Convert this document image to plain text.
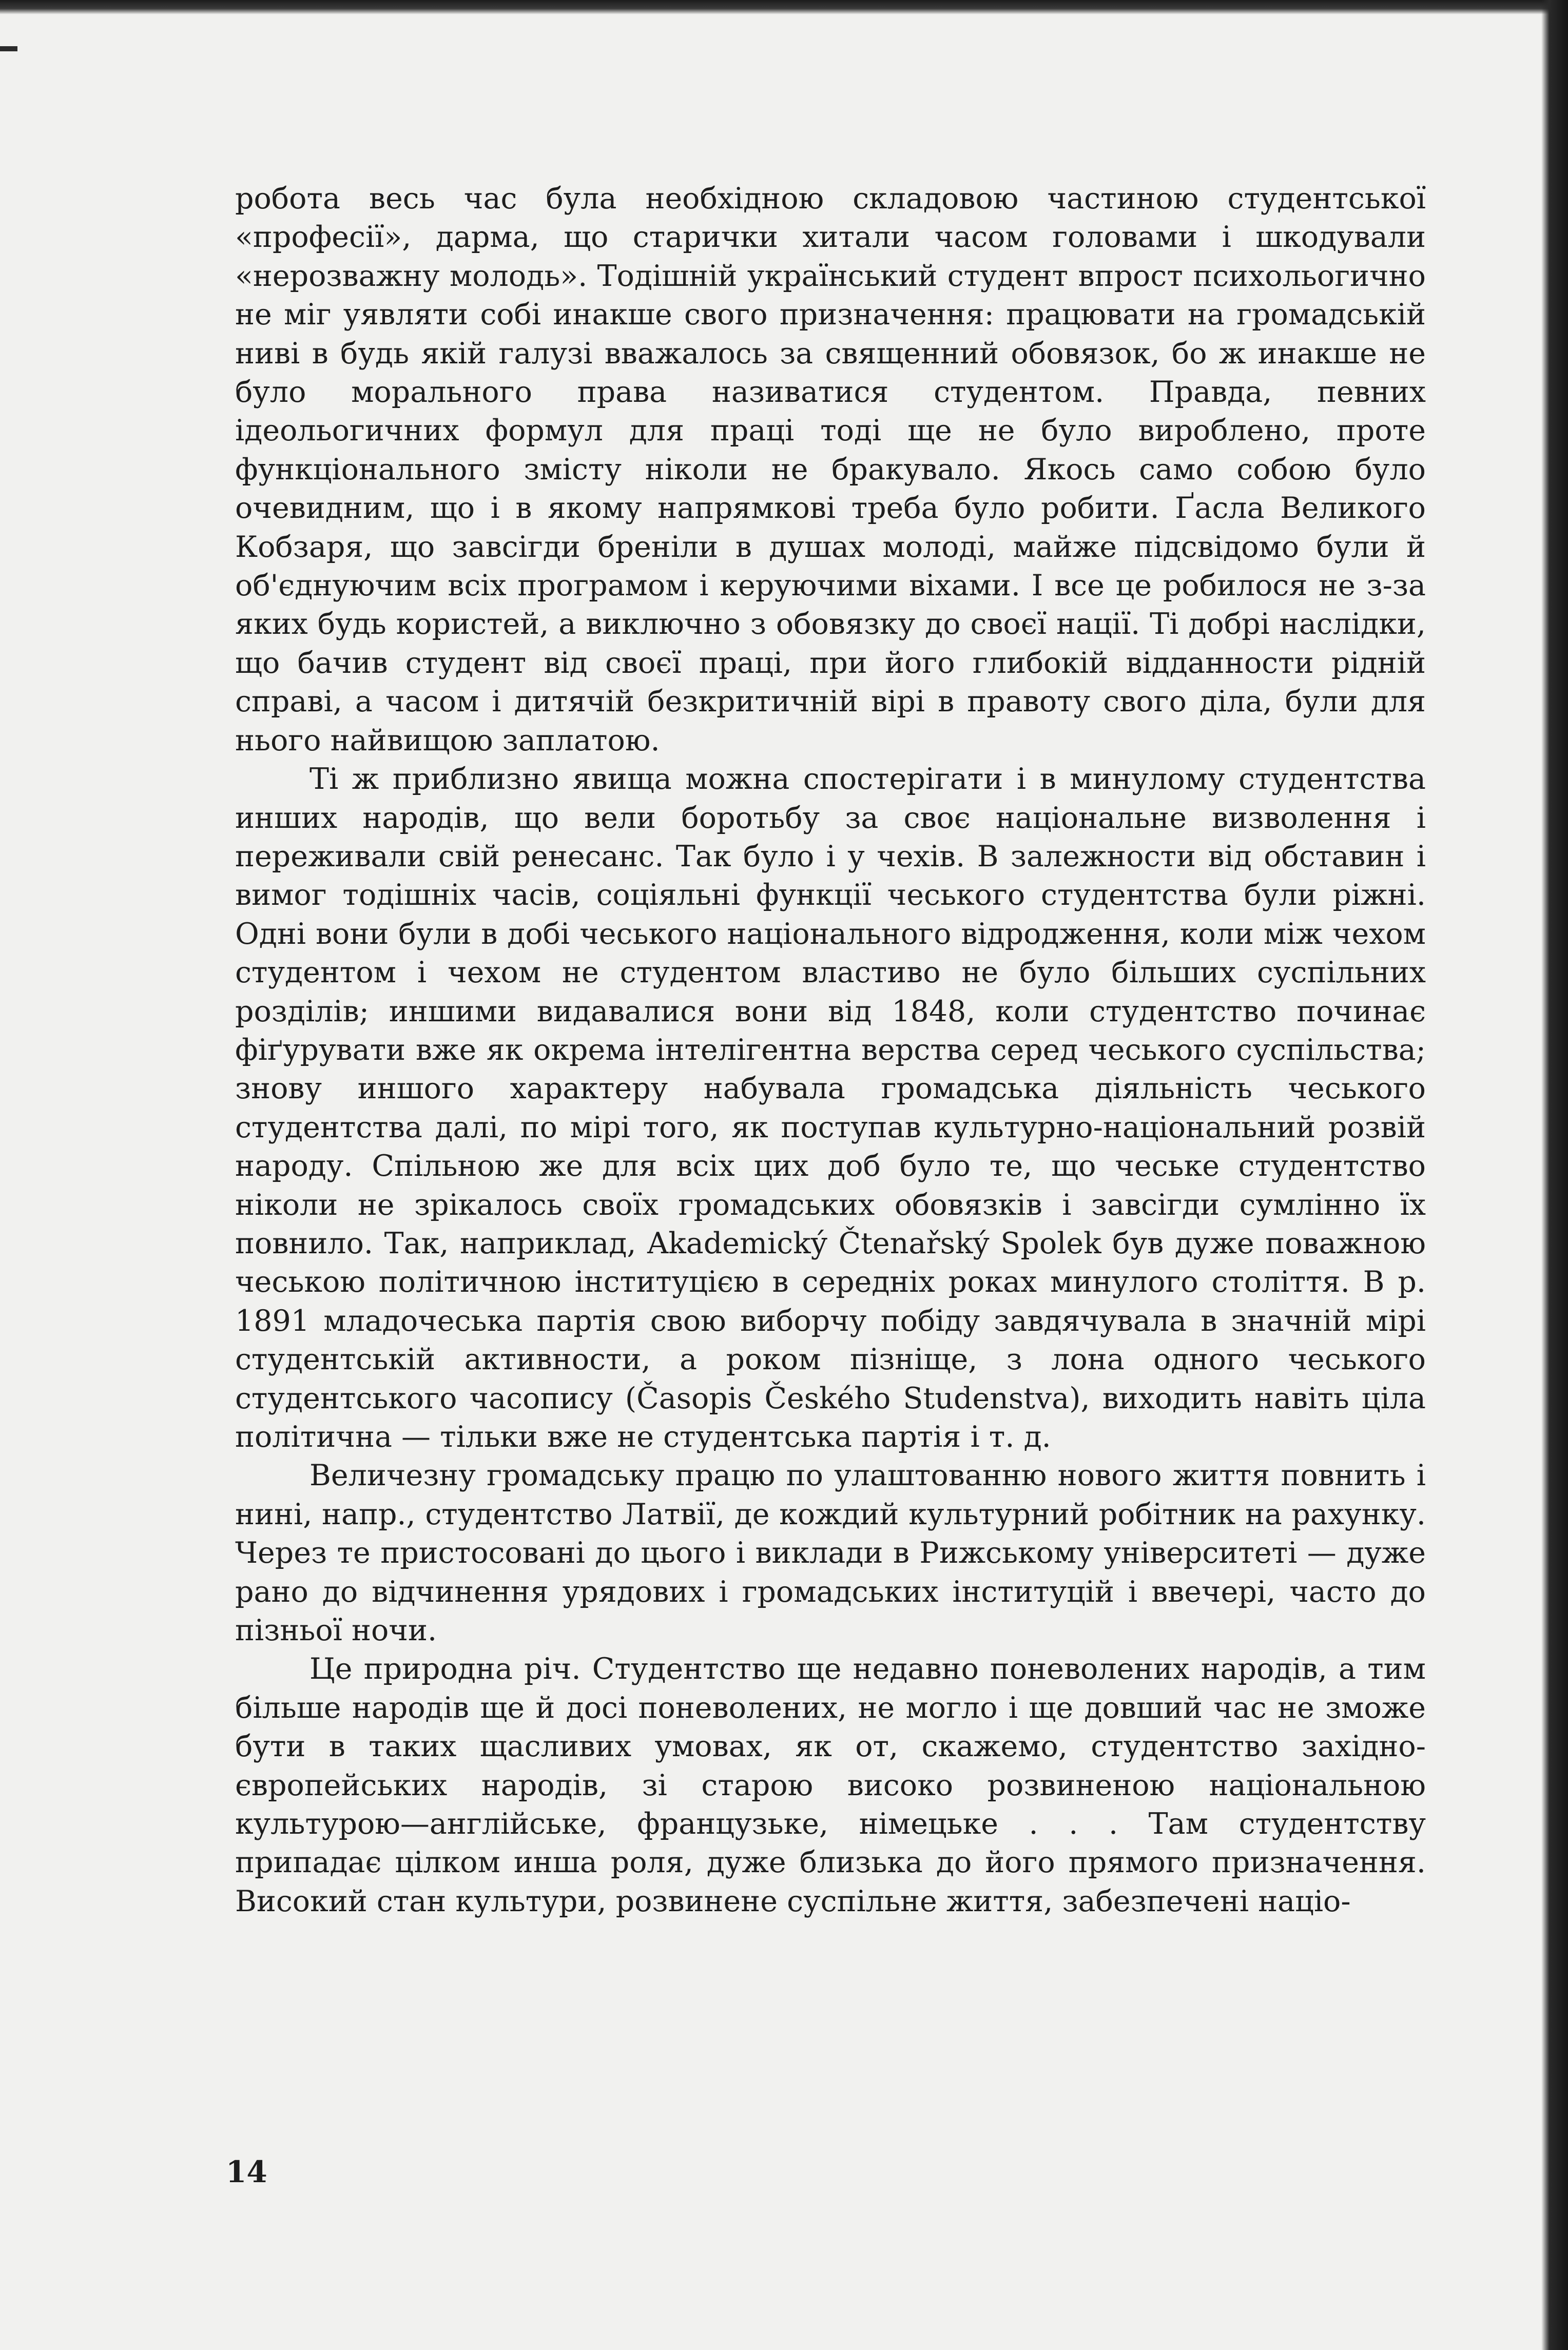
робота весь час була необхідною складовою частиною студентської «професії», дарма, що старички хитали часом головами і шкодували «нерозважну молодь». Тодішній український студент впрост психольогично не міг уявляти собі инакше свого призначення: працювати на громадській ниві в будь якій галузі вважалось за священний обовязок, бо ж инакше не було морального права називатися студентом. Правда, певних ідеольогичних формул для праці тоді ще не було вироблено, проте функціонального змісту ніколи не бракувало. Якось само собою було очевидним, що і в якому напрямкові треба було робити. Ґасла Великого Кобзаря, що завсігди бреніли в душах молоді, майже підсвідомо були й об'єднуючим всіх програмом і керуючими віхами. І все це робилося не з-за яких будь користей, а виключно з обовязку до своєї нації. Ті добрі наслідки, що бачив студент від своєї праці, при його глибокій відданности рідній справі, а часом і дитячій безкритичній вірі в правоту свого діла, були для нього найвищою заплатою.

Ті ж приблизно явища можна спостерігати і в минулому студентства инших народів, що вели боротьбу за своє національне визволення і переживали свій ренесанс. Так було і у чехів. В залежности від обставин і вимог тодішніх часів, соціяльні функції чеського студентства були ріжні. Одні вони були в добі чеського національного відродження, коли між чехом студентом і чехом не студентом властиво не було більших суспільних розділів; иншими видавалися вони від 1848, коли студентство починає фіґурувати вже як окрема інтелігентна верства серед чеського суспільства; знову иншого характеру набувала громадська діяльність чеського студентства далі, по мірі того, як поступав культурно-національний розвій народу. Спільною же для всіх цих доб було те, що чеське студентство ніколи не зрікалось своїх громадських обовязків і завсігди сумлінно їх повнило. Так, наприклад, Akademický Čtenařský Spolek був дуже поважною чеською політичною інституцією в середніх роках минулого століття. В р. 1891 младочеська партія свою виборчу побіду завдячувала в значній мірі студентській активности, а роком пізніще, з лона одного чеського студентського часопису (Časopis Českého Studenstva), виходить навіть ціла політична — тільки вже не студентська партія і т. д.

Величезну громадську працю по улаштованню нового життя повнить і нині, напр., студентство Латвії, де кождий культурний робітник на рахунку. Через те пристосовані до цього і виклади в Рижському університеті — дуже рано до відчинення урядових і громадських інституцій і ввечері, часто до пізньої ночи.

Це природна річ. Студентство ще недавно поневолених народів, а тим більше народів ще й досі поневолених, не могло і ще довший час не зможе бути в таких щасливих умовах, як от, скажемо, студентство західно-європейських народів, зі старою високо розвиненою національною культурою—англійське, французьке, німецьке . . . Там студентству припадає цілком инша роля, дуже близька до його прямого призначення. Високий стан культури, розвинене суспільне життя, забезпечені націо-

14
